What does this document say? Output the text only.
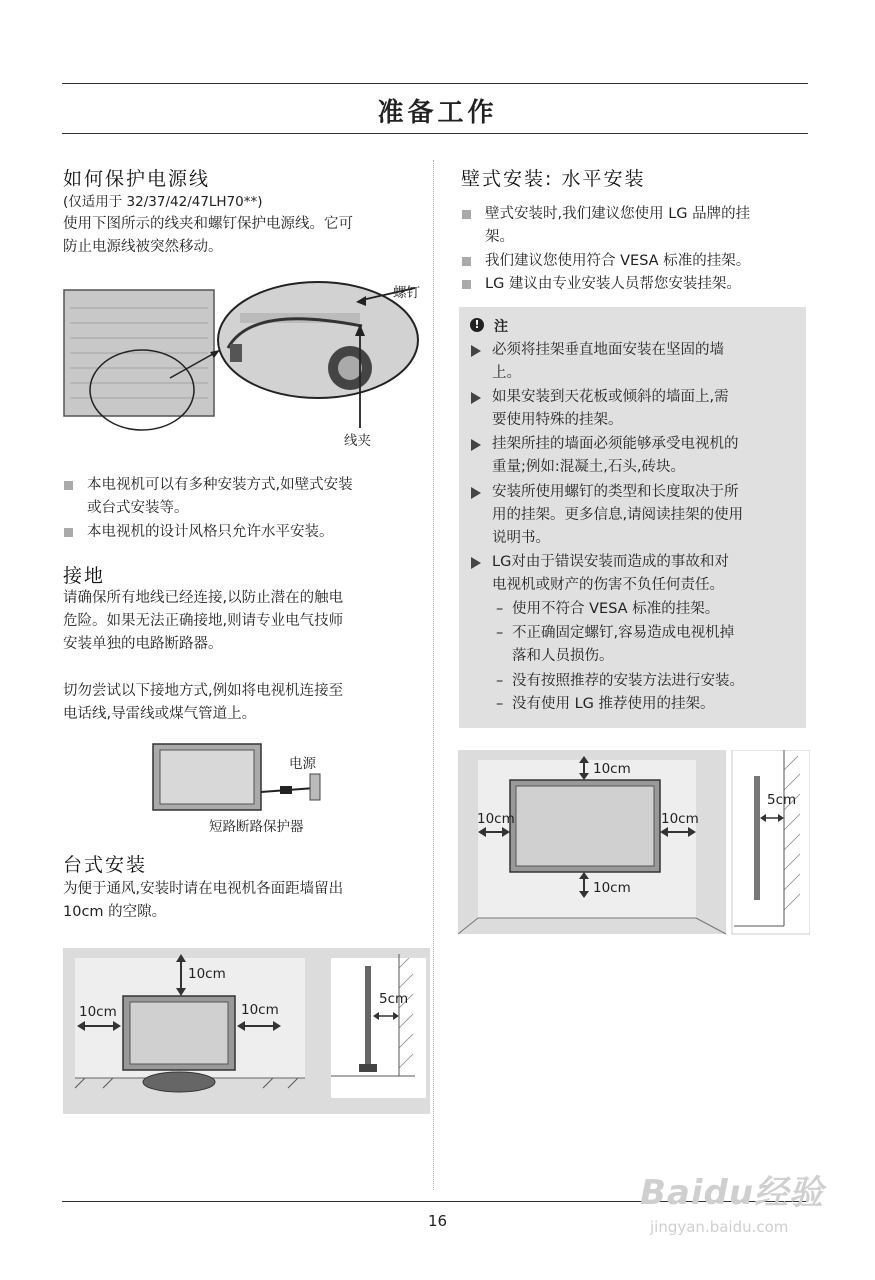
准备工作
如何保护电源线
(仅适用于 32/37/42/47LH70**)
使用下图所示的线夹和螺钉保护电源线。它可
防止电源线被突然移动。
螺钉
线夹
本电视机可以有多种安装方式,如壁式安装
或台式安装等。
本电视机的设计风格只允许水平安装。
接地
请确保所有地线已经连接,以防止潜在的触电
危险。如果无法正确接地,则请专业电气技师
安装单独的电路断路器。
切勿尝试以下接地方式,例如将电视机连接至
电话线,导雷线或煤气管道上。
电源
短路断路保护器
台式安装
为便于通风,安装时请在电视机各面距墙留出
10cm 的空隙。
10cm
10cm	10cm
5cm
壁式安装: 水平安装
壁式安装时,我们建议您使用 LG 品牌的挂
架。
我们建议您使用符合 VESA 标准的挂架。
LG 建议由专业安装人员帮您安装挂架。
!	注
必须将挂架垂直地面安装在坚固的墙
上。
如果安装到天花板或倾斜的墙面上,需
要使用特殊的挂架。
挂架所挂的墙面必须能够承受电视机的
重量;例如:混凝土,石头,砖块。
安装所使用螺钉的类型和长度取决于所
用的挂架。更多信息,请阅读挂架的使用
说明书。
LG对由于错误安装而造成的事故和对
电视机或财产的伤害不负任何责任。
– 使用不符合 VESA 标准的挂架。
– 不正确固定螺钉,容易造成电视机掉
落和人员损伤。
– 没有按照推荐的安装方法进行安装。
– 没有使用 LG 推荐使用的挂架。
10cm
10cm	10cm
10cm
5cm
16
Baidu经验
jingyan.baidu.com
